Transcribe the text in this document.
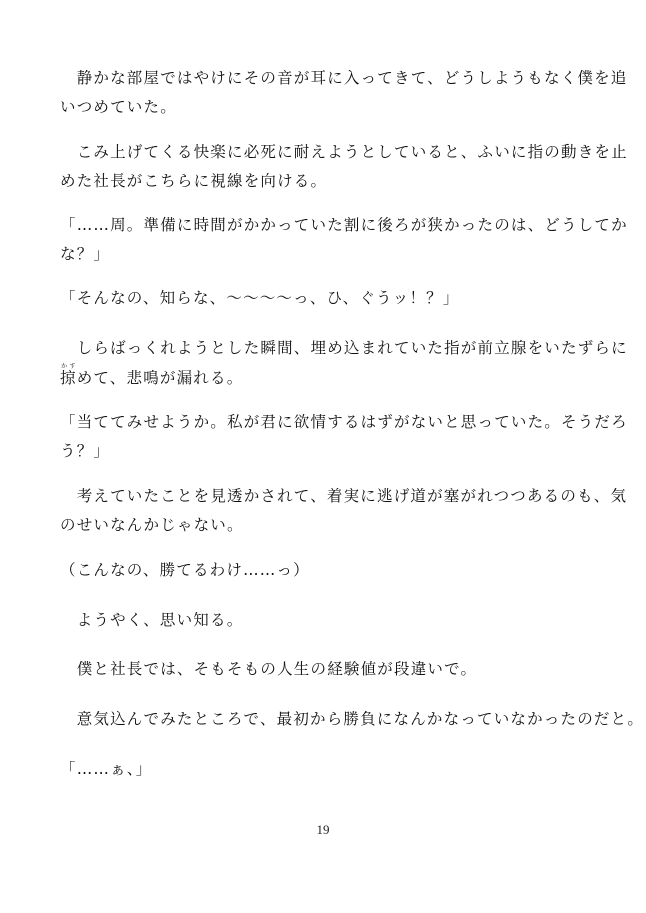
　静かな部屋ではやけにその音が耳に入ってきて、どうしようもなく僕を追
いつめていた。
　こみ上げてくる快楽に必死に耐えようとしていると、ふいに指の動きを止
めた社長がこちらに視線を向ける。
「……周。準備に時間がかかっていた割に後ろが狭かったのは、どうしてか
な？」
「そんなの、知らな、〜〜〜〜っ、ひ、ぐうッ！？」
　しらばっくれようとした瞬間、埋め込まれていた指が前立腺をいたずらに
掠かすめて、悲鳴が漏れる。
「当ててみせようか。私が君に欲情するはずがないと思っていた。そうだろ
う？」
　考えていたことを見透かされて、着実に逃げ道が塞がれつつあるのも、気
のせいなんかじゃない。
（こんなの、勝てるわけ……っ）
　ようやく、思い知る。
　僕と社長では、そもそもの人生の経験値が段違いで。
　意気込んでみたところで、最初から勝負になんかなっていなかったのだと。
「……ぁ、」
19
